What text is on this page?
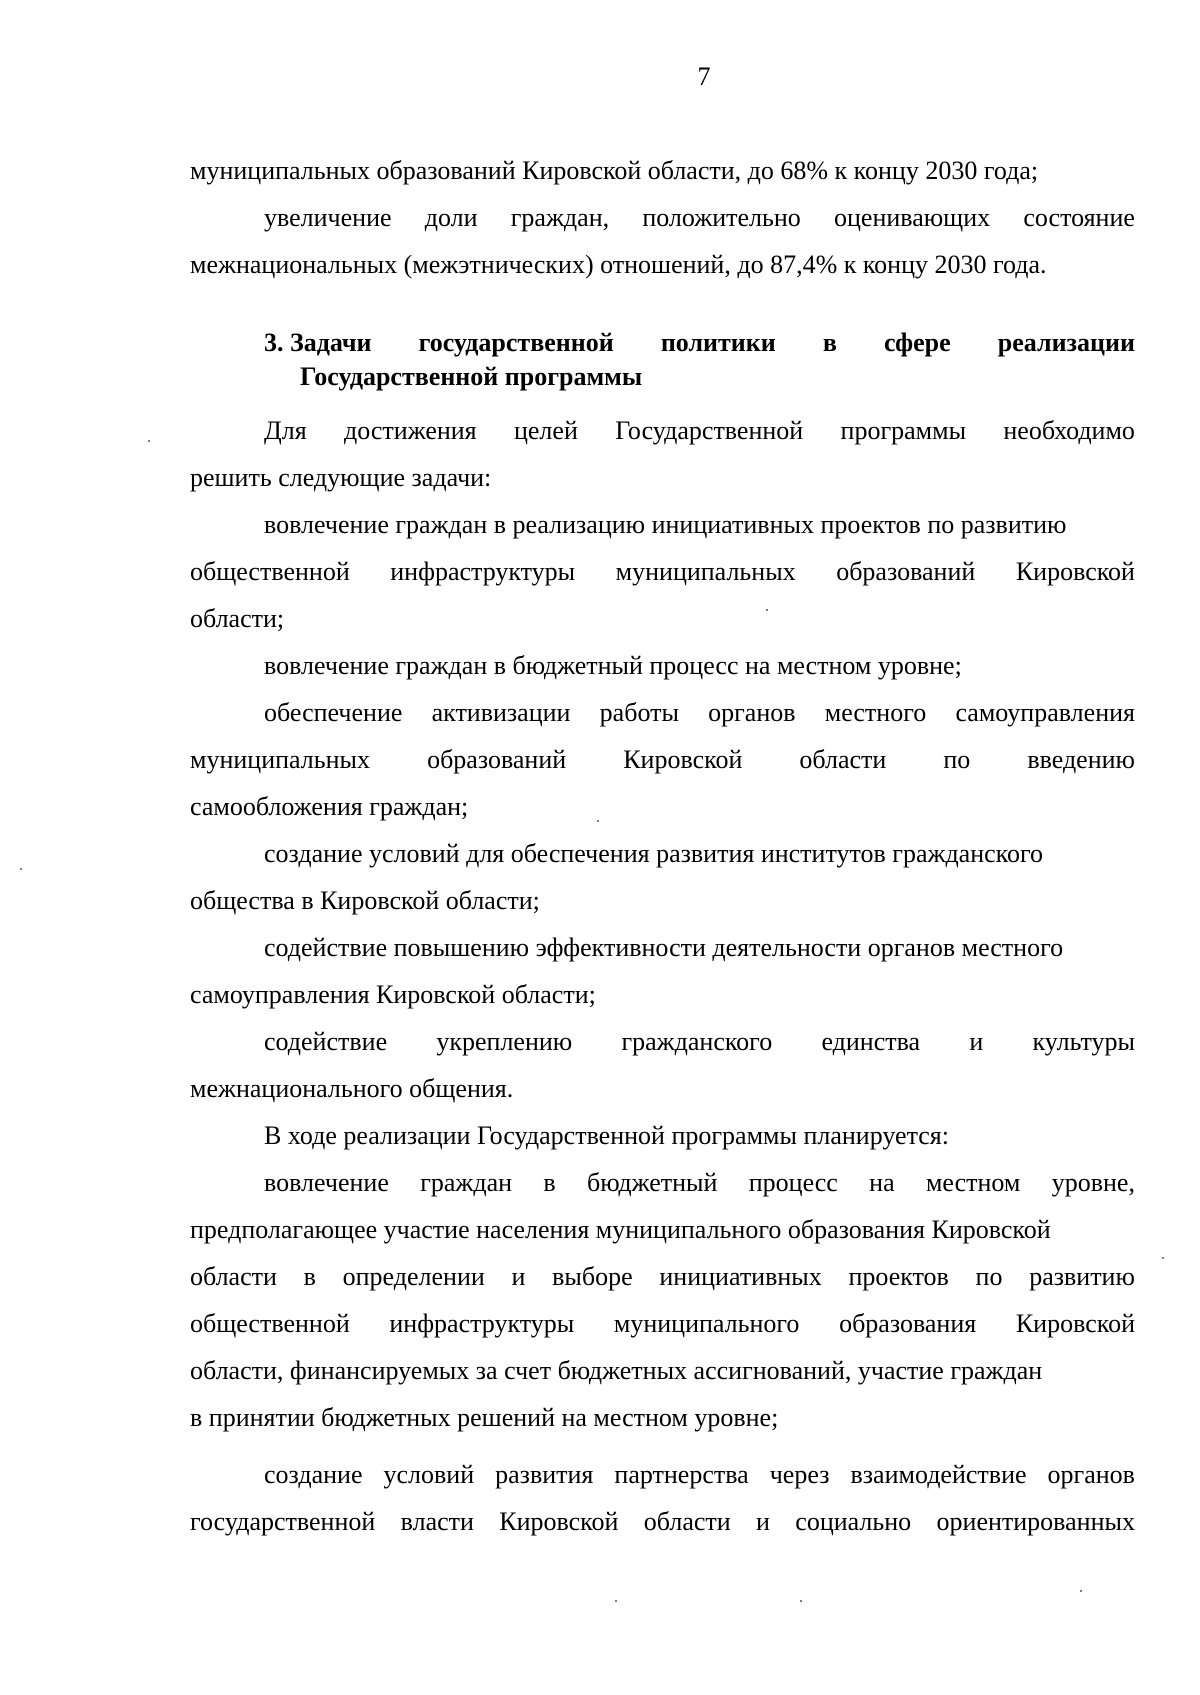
7
муниципальных образований Кировской области, до 68% к концу 2030 года;
увеличение доли граждан, положительно оценивающих состояние
межнациональных (межэтнических) отношений, до 87,4% к концу 2030 года.
3. Задачи государственной политики в сфере реализации
Государственной программы
Для достижения целей Государственной программы необходимо
решить следующие задачи:
вовлечение граждан в реализацию инициативных проектов по развитию
общественной инфраструктуры муниципальных образований Кировской
области;
вовлечение граждан в бюджетный процесс на местном уровне;
обеспечение активизации работы органов местного самоуправления
муниципальных образований Кировской области по введению
самообложения граждан;
создание условий для обеспечения развития институтов гражданского
общества в Кировской области;
содействие повышению эффективности деятельности органов местного
самоуправления Кировской области;
содействие укреплению гражданского единства и культуры
межнационального общения.
В ходе реализации Государственной программы планируется:
вовлечение граждан в бюджетный процесс на местном уровне,
предполагающее участие населения муниципального образования Кировской
области в определении и выборе инициативных проектов по развитию
общественной инфраструктуры муниципального образования Кировской
области, финансируемых за счет бюджетных ассигнований, участие граждан
в принятии бюджетных решений на местном уровне;
создание условий развития партнерства через взаимодействие органов
государственной власти Кировской области и социально ориентированных
